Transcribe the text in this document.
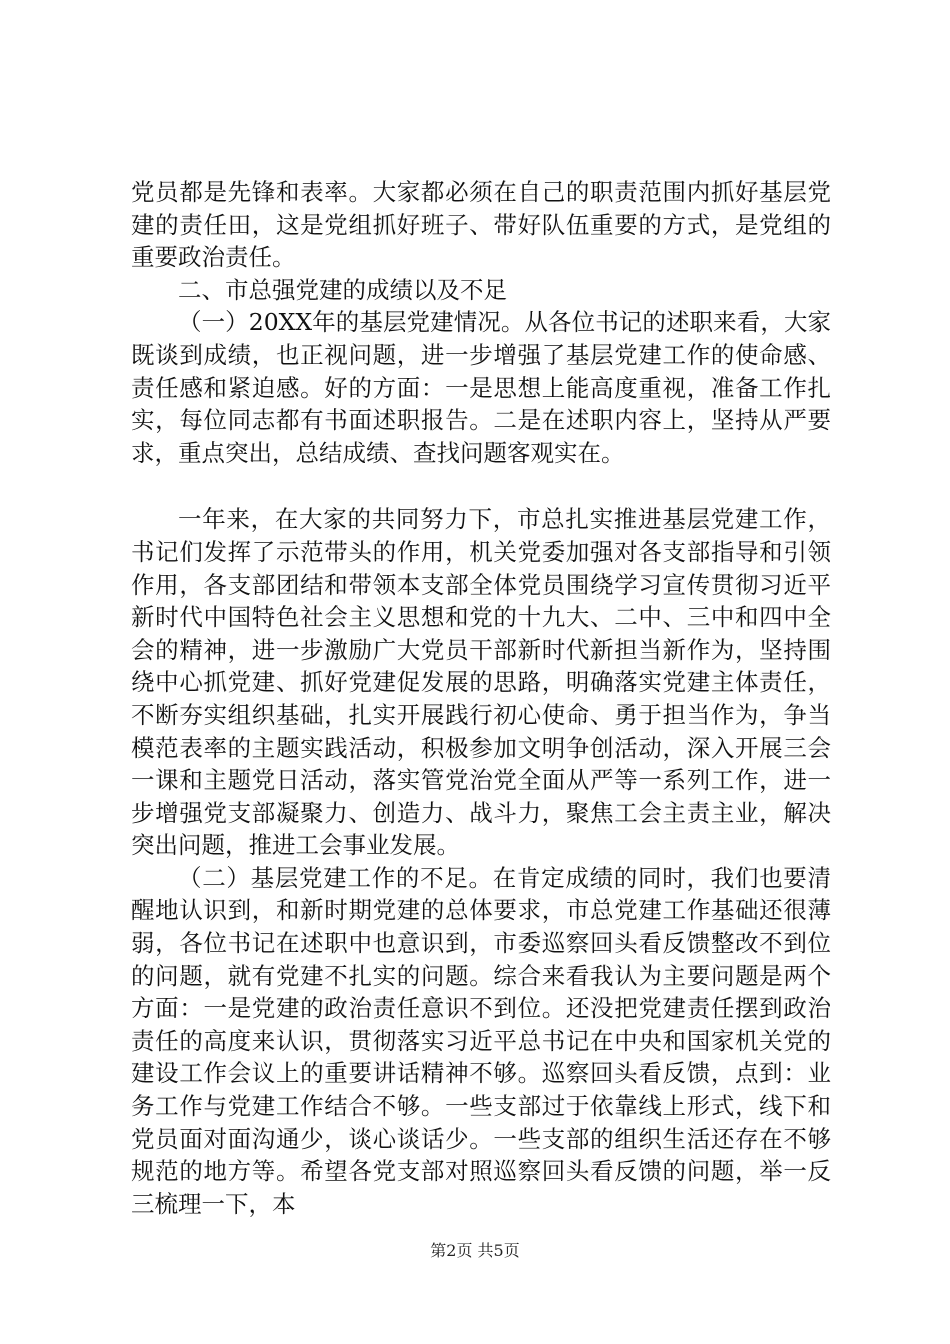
党员都是先锋和表率。大家都必须在自己的职责范围内抓好基层党建的责任田，这是党组抓好班子、带好队伍重要的方式，是党组的重要政治责任。

二、市总强党建的成绩以及不足

（一）20XX年的基层党建情况。从各位书记的述职来看，大家既谈到成绩，也正视问题，进一步增强了基层党建工作的使命感、责任感和紧迫感。好的方面：一是思想上能高度重视，准备工作扎实，每位同志都有书面述职报告。二是在述职内容上，坚持从严要求，重点突出，总结成绩、查找问题客观实在。

一年来，在大家的共同努力下，市总扎实推进基层党建工作，书记们发挥了示范带头的作用，机关党委加强对各支部指导和引领作用，各支部团结和带领本支部全体党员围绕学习宣传贯彻习近平新时代中国特色社会主义思想和党的十九大、二中、三中和四中全会的精神，进一步激励广大党员干部新时代新担当新作为，坚持围绕中心抓党建、抓好党建促发展的思路，明确落实党建主体责任，不断夯实组织基础，扎实开展践行初心使命、勇于担当作为，争当模范表率的主题实践活动，积极参加文明争创活动，深入开展三会一课和主题党日活动，落实管党治党全面从严等一系列工作，进一步增强党支部凝聚力、创造力、战斗力，聚焦工会主责主业，解决突出问题，推进工会事业发展。

（二）基层党建工作的不足。在肯定成绩的同时，我们也要清醒地认识到，和新时期党建的总体要求，市总党建工作基础还很薄弱，各位书记在述职中也意识到，市委巡察回头看反馈整改不到位的问题，就有党建不扎实的问题。综合来看我认为主要问题是两个方面：一是党建的政治责任意识不到位。还没把党建责任摆到政治责任的高度来认识，贯彻落实习近平总书记在中央和国家机关党的建设工作会议上的重要讲话精神不够。巡察回头看反馈，点到：业务工作与党建工作结合不够。一些支部过于依靠线上形式，线下和党员面对面沟通少，谈心谈话少。一些支部的组织生活还存在不够规范的地方等。希望各党支部对照巡察回头看反馈的问题，举一反三梳理一下，本

第2页 共5页
